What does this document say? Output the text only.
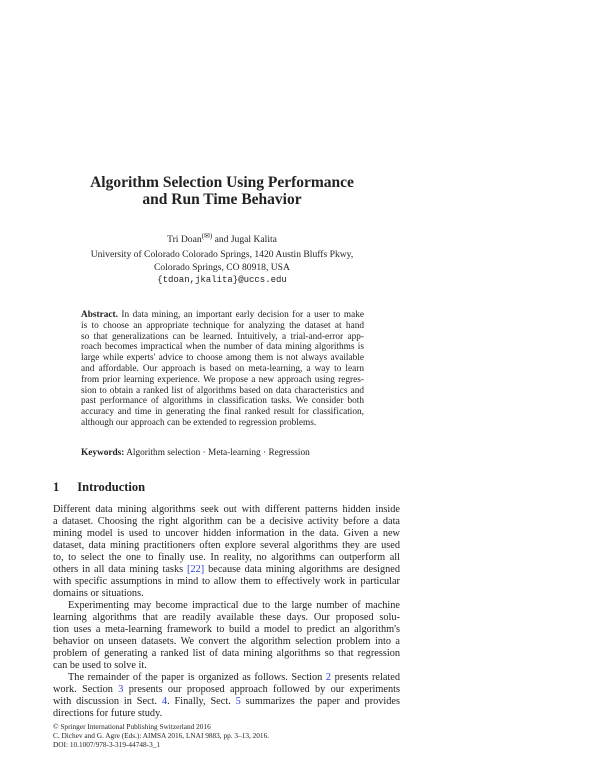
Algorithm Selection Using Performance
and Run Time Behavior
Tri Doan(✉) and Jugal Kalita
University of Colorado Colorado Springs, 1420 Austin Bluffs Pkwy,
Colorado Springs, CO 80918, USA
{tdoan,jkalita}@uccs.edu
Abstract. In data mining, an important early decision for a user to make
is to choose an appropriate technique for analyzing the dataset at hand
so that generalizations can be learned. Intuitively, a trial-and-error app-
roach becomes impractical when the number of data mining algorithms is
large while experts' advice to choose among them is not always available
and affordable. Our approach is based on meta-learning, a way to learn
from prior learning experience. We propose a new approach using regres-
sion to obtain a ranked list of algorithms based on data characteristics and
past performance of algorithms in classification tasks. We consider both
accuracy and time in generating the final ranked result for classification,
although our approach can be extended to regression problems.
Keywords: Algorithm selection · Meta-learning · Regression
1 Introduction
others in all data mining tasks [22] because data mining algorithms are designed
The remainder of the paper is organized as follows. Section 2 presents related
work. Section 3 presents our proposed approach followed by our experiments
with discussion in Sect. 4. Finally, Sect. 5 summarizes the paper and provides
directions for future study.
Different data mining algorithms seek out with different patterns hidden inside
a dataset. Choosing the right algorithm can be a decisive activity before a data
mining model is used to uncover hidden information in the data. Given a new
dataset, data mining practitioners often explore several algorithms they are used
to, to select the one to finally use. In reality, no algorithms can outperform all
with specific assumptions in mind to allow them to effectively work in particular
domains or situations.
Experimenting may become impractical due to the large number of machine
learning algorithms that are readily available these days. Our proposed solu-
tion uses a meta-learning framework to build a model to predict an algorithm's
behavior on unseen datasets. We convert the algorithm selection problem into a
problem of generating a ranked list of data mining algorithms so that regression
can be used to solve it.
© Springer International Publishing Switzerland 2016
C. Dichev and G. Agre (Eds.): AIMSA 2016, LNAI 9883, pp. 3–13, 2016.
DOI: 10.1007/978-3-319-44748-3_1
